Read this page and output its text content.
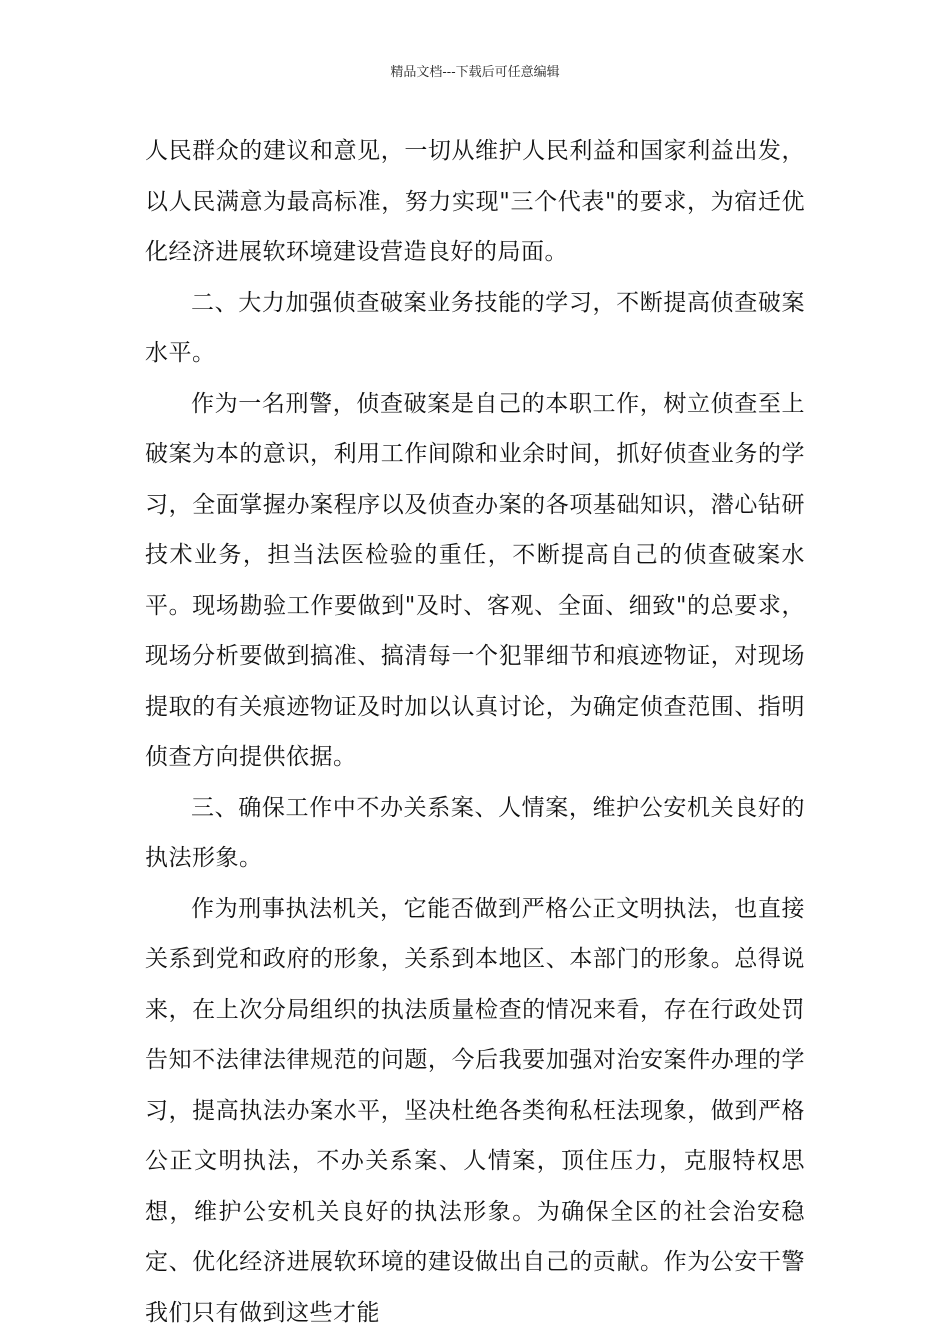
精品文档---下载后可任意编辑

人民群众的建议和意见，一切从维护人民利益和国家利益出发，以人民满意为最高标准，努力实现"三个代表"的要求，为宿迁优化经济进展软环境建设营造良好的局面。

二、大力加强侦查破案业务技能的学习，不断提高侦查破案水平。

作为一名刑警，侦查破案是自己的本职工作，树立侦查至上破案为本的意识，利用工作间隙和业余时间，抓好侦查业务的学习，全面掌握办案程序以及侦查办案的各项基础知识，潜心钻研技术业务，担当法医检验的重任，不断提高自己的侦查破案水平。现场勘验工作要做到"及时、客观、全面、细致"的总要求，现场分析要做到搞准、搞清每一个犯罪细节和痕迹物证，对现场提取的有关痕迹物证及时加以认真讨论，为确定侦查范围、指明侦查方向提供依据。

三、确保工作中不办关系案、人情案，维护公安机关良好的执法形象。

作为刑事执法机关，它能否做到严格公正文明执法，也直接关系到党和政府的形象，关系到本地区、本部门的形象。总得说来，在上次分局组织的执法质量检查的情况来看，存在行政处罚告知不法律法律规范的问题，今后我要加强对治安案件办理的学习，提高执法办案水平，坚决杜绝各类徇私枉法现象，做到严格公正文明执法，不办关系案、人情案，顶住压力，克服特权思想，维护公安机关良好的执法形象。为确保全区的社会治安稳定、优化经济进展软环境的建设做出自己的贡献。作为公安干警我们只有做到这些才能
